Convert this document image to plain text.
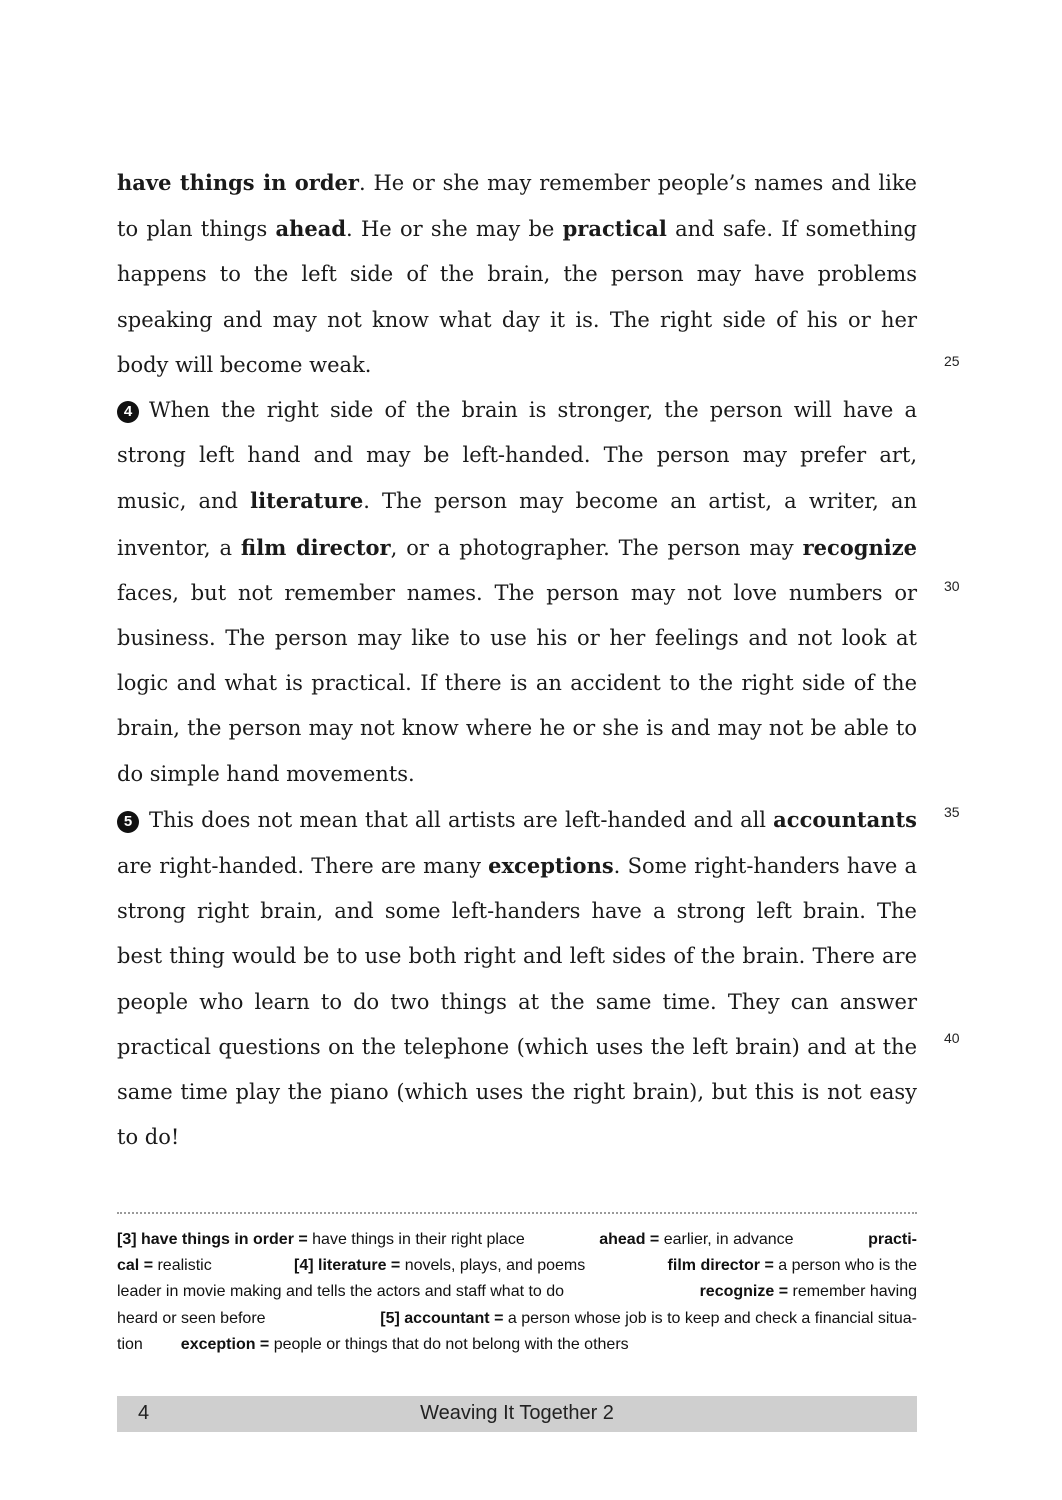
have things in order. He or she may remember people’s names and like to plan things ahead. He or she may be practical and safe. If something happens to the left side of the brain, the person may have problems speaking and may not know what day it is. The right side of his or her body will become weak.

4 When the right side of the brain is stronger, the person will have a strong left hand and may be left-handed. The person may prefer art, music, and literature. The person may become an artist, a writer, an inventor, a film director, or a photographer. The person may recognize faces, but not remember names. The person may not love numbers or business. The person may like to use his or her feelings and not look at logic and what is practical. If there is an accident to the right side of the brain, the person may not know where he or she is and may not be able to do simple hand movements.

5 This does not mean that all artists are left-handed and all accountants are right-handed. There are many exceptions. Some right-handers have a strong right brain, and some left-handers have a strong left brain. The best thing would be to use both right and left sides of the brain. There are people who learn to do two things at the same time. They can answer practical questions on the telephone (which uses the left brain) and at the same time play the piano (which uses the right brain), but this is not easy to do!

25
30
35
40

[3] have things in order = have things in their right place	ahead = earlier, in advance	practi-

cal = realistic	[4] literature = novels, plays, and poems	film director = a person who is the

leader in movie making and tells the actors and staff what to do	recognize = remember having

heard or seen before	[5] accountant = a person whose job is to keep and check a financial situa-

tion exception = people or things that do not belong with the others

4	Weaving It Together 2
